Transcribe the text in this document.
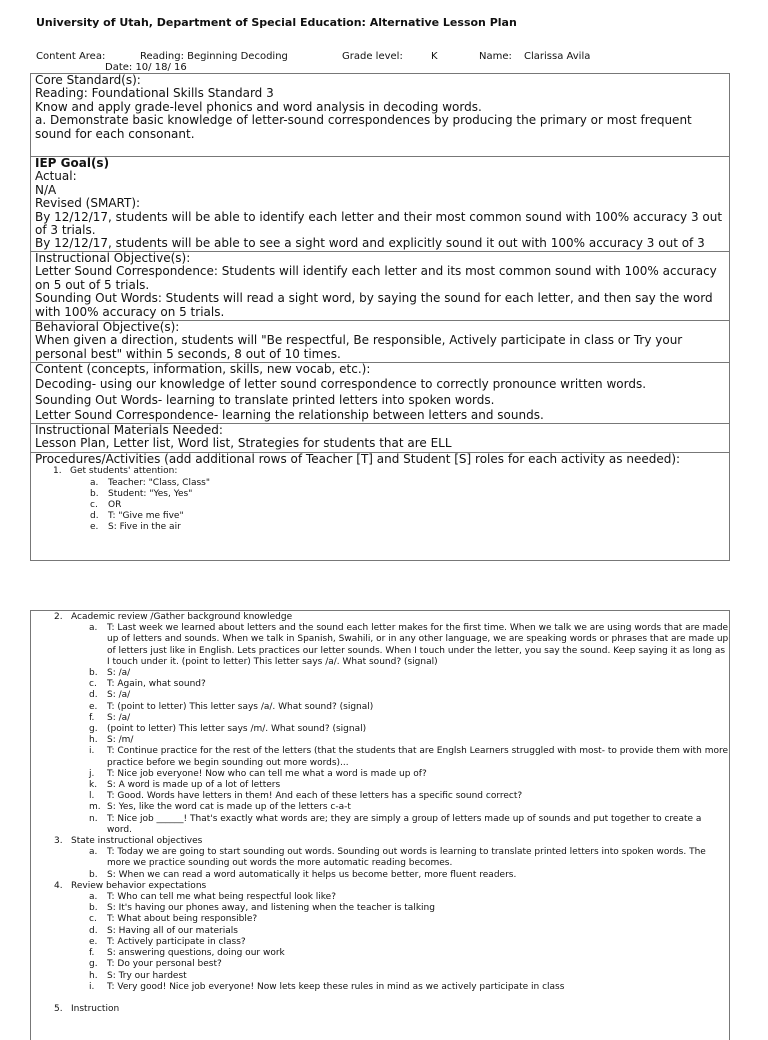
University of Utah, Department of Special Education: Alternative Lesson Plan
Content Area:	Reading: Beginning Decoding	Grade level:	K	Name: Clarissa Avila
Date: 10/ 18/ 16
Core Standard(s):
Reading: Foundational Skills Standard 3
Know and apply grade-level phonics and word analysis in decoding words.
a. Demonstrate basic knowledge of letter-sound correspondences by producing the primary or most frequent sound for each consonant.
IEP Goal(s)
Actual:
N/A
Revised (SMART):
By 12/12/17, students will be able to identify each letter and their most common sound with 100% accuracy 3 out of 3 trials.
By 12/12/17, students will be able to see a sight word and explicitly sound it out with 100% accuracy 3 out of 3
Instructional Objective(s):
Letter Sound Correspondence: Students will identify each letter and its most common sound with 100% accuracy on 5 out of 5 trials.
Sounding Out Words: Students will read a sight word, by saying the sound for each letter, and then say the word with 100% accuracy on 5 trials.
Behavioral Objective(s):
When given a direction, students will "Be respectful, Be responsible, Actively participate in class or Try your personal best" within 5 seconds, 8 out of 10 times.
Content (concepts, information, skills, new vocab, etc.):
Decoding- using our knowledge of letter sound correspondence to correctly pronounce written words.
Sounding Out Words- learning to translate printed letters into spoken words.
Letter Sound Correspondence- learning the relationship between letters and sounds.
Instructional Materials Needed:
Lesson Plan, Letter list, Word list, Strategies for students that are ELL
Procedures/Activities (add additional rows of Teacher [T] and Student [S] roles for each activity as needed):
1. Get students' attention:
a. Teacher: "Class, Class"
b. Student: "Yes, Yes"
c. OR
d. T: "Give me five"
e. S: Five in the air
2. Academic review /Gather background knowledge
a. T: Last week we learned about letters and the sound each letter makes for the first time. When we talk we are using words that are made up of letters and sounds. When we talk in Spanish, Swahili, or in any other language, we are speaking words or phrases that are made up of letters just like in English. Lets practices our letter sounds. When I touch under the letter, you say the sound. Keep saying it as long as I touch under it. (point to letter) This letter says /a/. What sound? (signal)
b. S: /a/
c. T: Again, what sound?
d. S: /a/
e. T: (point to letter) This letter says /a/. What sound? (signal)
f. S: /a/
g. (point to letter) This letter says /m/. What sound? (signal)
h. S: /m/
i. T: Continue practice for the rest of the letters (that the students that are Englsh Learners struggled with most- to provide them with more practice before we begin sounding out more words)...
j. T: Nice job everyone! Now who can tell me what a word is made up of?
k. S: A word is made up of a lot of letters
l. T: Good. Words have letters in them! And each of these letters has a specific sound correct?
m. S: Yes, like the word cat is made up of the letters c-a-t
n. T: Nice job ______! That's exactly what words are; they are simply a group of letters made up of sounds and put together to create a word.
3. State instructional objectives
a. T: Today we are going to start sounding out words. Sounding out words is learning to translate printed letters into spoken words. The more we practice sounding out words the more automatic reading becomes.
b. S: When we can read a word automatically it helps us become better, more fluent readers.
4. Review behavior expectations
a. T: Who can tell me what being respectful look like?
b. S: It's having our phones away, and listening when the teacher is talking
c. T: What about being responsible?
d. S: Having all of our materials
e. T: Actively participate in class?
f. S: answering questions, doing our work
g. T: Do your personal best?
h. S: Try our hardest
i. T: Very good! Nice job everyone! Now lets keep these rules in mind as we actively participate in class
5. Instruction
